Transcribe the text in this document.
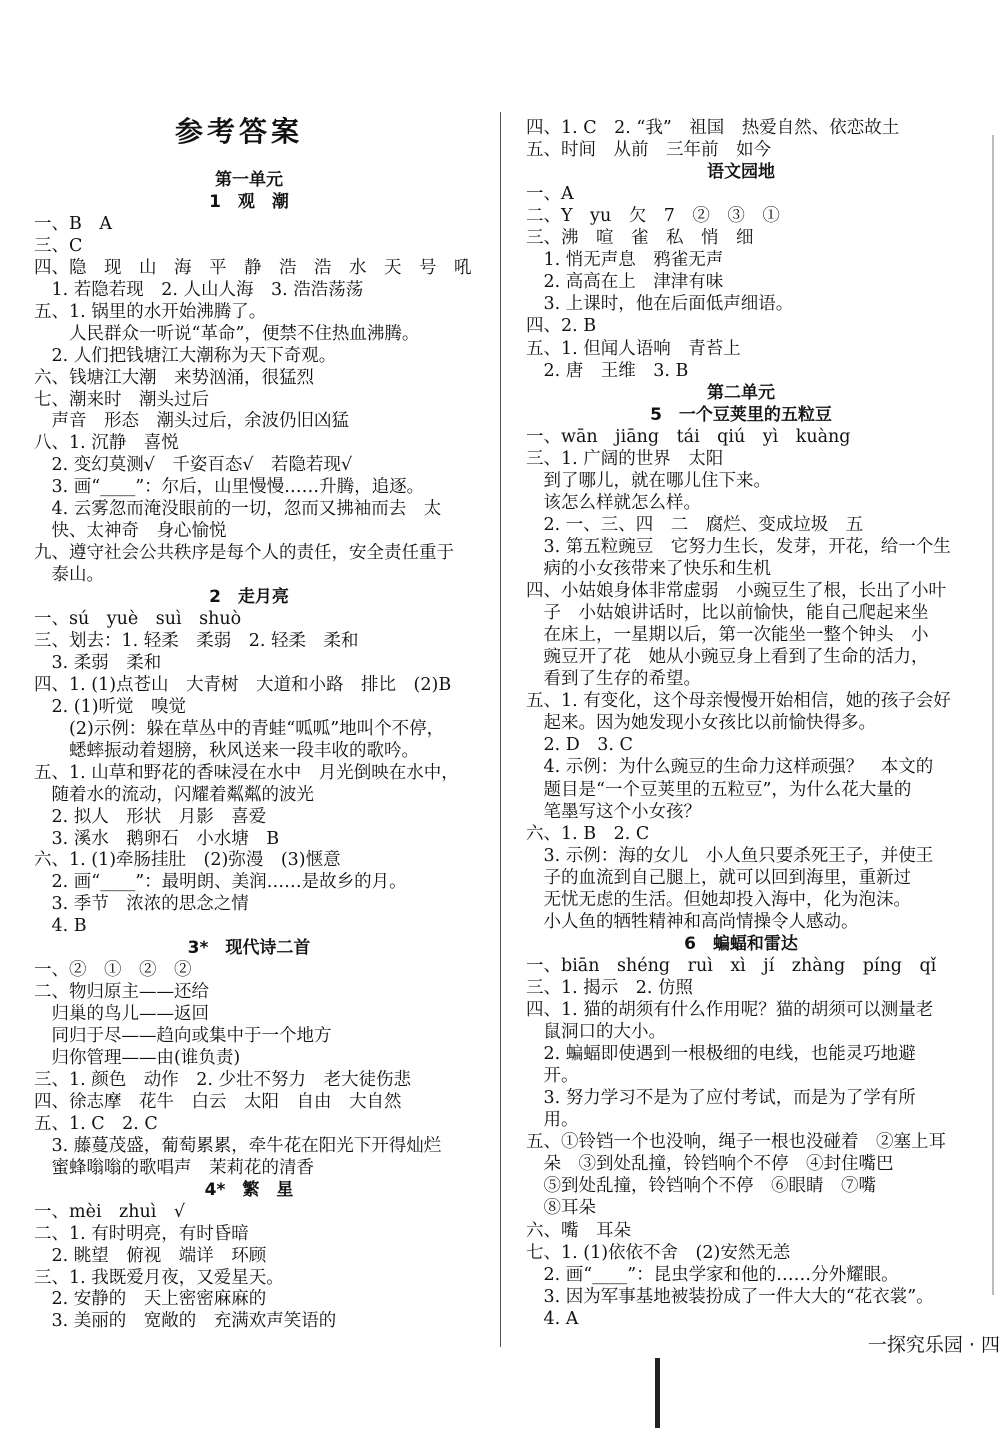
参考答案
第一单元
1　观　潮
一、B　A
三、C
四、隐　现　山　海　平　静　浩　浩　水　天　号　吼
　1. 若隐若现　2. 人山人海　3. 浩浩荡荡
五、1. 锅里的水开始沸腾了。
　　人民群众一听说“革命”，便禁不住热血沸腾。
　2. 人们把钱塘江大潮称为天下奇观。
六、钱塘江大潮　来势汹涌，很猛烈
七、潮来时　潮头过后
　声音　形态　潮头过后，余波仍旧凶猛
八、1. 沉静　喜悦
　2. 变幻莫测√　千姿百态√　若隐若现√
　3. 画“____”：尔后，山里慢慢……升腾，追逐。
　4. 云雾忽而淹没眼前的一切，忽而又拂袖而去　太
　快、太神奇　身心愉悦
九、遵守社会公共秩序是每个人的责任，安全责任重于
　泰山。
2　走月亮
一、sú　yuè　suì　shuò
三、划去：1. 轻柔　柔弱　2. 轻柔　柔和
　3. 柔弱　柔和
四、1. (1)点苍山　大青树　大道和小路　排比　(2)B
　2. (1)听觉　嗅觉
　　(2)示例：躲在草丛中的青蛙“呱呱”地叫个不停，
　　蟋蟀振动着翅膀，秋风送来一段丰收的歌吟。
五、1. 山草和野花的香味浸在水中　月光倒映在水中，
　随着水的流动，闪耀着粼粼的波光
　2. 拟人　形状　月影　喜爱
　3. 溪水　鹅卵石　小水塘　B
六、1. (1)牵肠挂肚　(2)弥漫　(3)惬意
　2. 画“____”：最明朗、美润……是故乡的月。
　3. 季节　浓浓的思念之情
　4. B
3*　现代诗二首
一、②　①　②　②
二、物归原主——还给
　归巢的鸟儿——返回
　同归于尽——趋向或集中于一个地方
　归你管理——由(谁负责)
三、1. 颜色　动作　2. 少壮不努力　老大徒伤悲
四、徐志摩　花牛　白云　太阳　自由　大自然
五、1. C　2. C
　3. 藤蔓茂盛，葡萄累累，牵牛花在阳光下开得灿烂
　蜜蜂嗡嗡的歌唱声　茉莉花的清香
4*　繁　星
一、mèi　zhuì　√
二、1. 有时明亮，有时昏暗
　2. 眺望　俯视　端详　环顾
三、1. 我既爱月夜，又爱星天。
　2. 安静的　天上密密麻麻的
　3. 美丽的　宽敞的　充满欢声笑语的
四、1. C　2. “我”　祖国　热爱自然、依恋故土
五、时间　从前　三年前　如今
语文园地
一、A
二、Y　yu　欠　7　②　③　①
三、沸　喧　雀　私　悄　细
　1. 悄无声息　鸦雀无声
　2. 高高在上　津津有味
　3. 上课时，他在后面低声细语。
四、2. B
五、1. 但闻人语响　青苔上
　2. 唐　王维　3. B
第二单元
5　一个豆荚里的五粒豆
一、wān　jiāng　tái　qiú　yì　kuàng
三、1. 广阔的世界　太阳
　到了哪儿，就在哪儿住下来。
　该怎么样就怎么样。
　2. 一、三、四　二　腐烂、变成垃圾　五
　3. 第五粒豌豆　它努力生长，发芽，开花，给一个生
　病的小女孩带来了快乐和生机
四、小姑娘身体非常虚弱　小豌豆生了根，长出了小叶
　子　小姑娘讲话时，比以前愉快，能自己爬起来坐
　在床上，一星期以后，第一次能坐一整个钟头　小
　豌豆开了花　她从小豌豆身上看到了生命的活力，
　看到了生存的希望。
五、1. 有变化，这个母亲慢慢开始相信，她的孩子会好
　起来。因为她发现小女孩比以前愉快得多。
　2. D　3. C
　4. 示例：为什么豌豆的生命力这样顽强？　本文的
　题目是“一个豆荚里的五粒豆”，为什么花大量的
　笔墨写这个小女孩？
六、1. B　2. C
　3. 示例：海的女儿　小人鱼只要杀死王子，并使王
　子的血流到自己腿上，就可以回到海里，重新过
　无忧无虑的生活。但她却投入海中，化为泡沫。
　小人鱼的牺牲精神和高尚情操令人感动。
6　蝙蝠和雷达
一、biān　shéng　ruì　xì　jí　zhàng　píng　qǐ
三、1. 揭示　2. 仿照
四、1. 猫的胡须有什么作用呢？猫的胡须可以测量老
　鼠洞口的大小。
　2. 蝙蝠即使遇到一根极细的电线，也能灵巧地避
　开。
　3. 努力学习不是为了应付考试，而是为了学有所
　用。
五、①铃铛一个也没响，绳子一根也没碰着　②塞上耳
　朵　③到处乱撞，铃铛响个不停　④封住嘴巴
　⑤到处乱撞，铃铛响个不停　⑥眼睛　⑦嘴
　⑧耳朵
六、嘴　耳朵
七、1. (1)依依不舍　(2)安然无恙
　2. 画“____”：昆虫学家和他的……分外耀眼。
　3. 因为军事基地被装扮成了一件大大的“花衣裳”。
　4. A
一探究乐园 · 四
